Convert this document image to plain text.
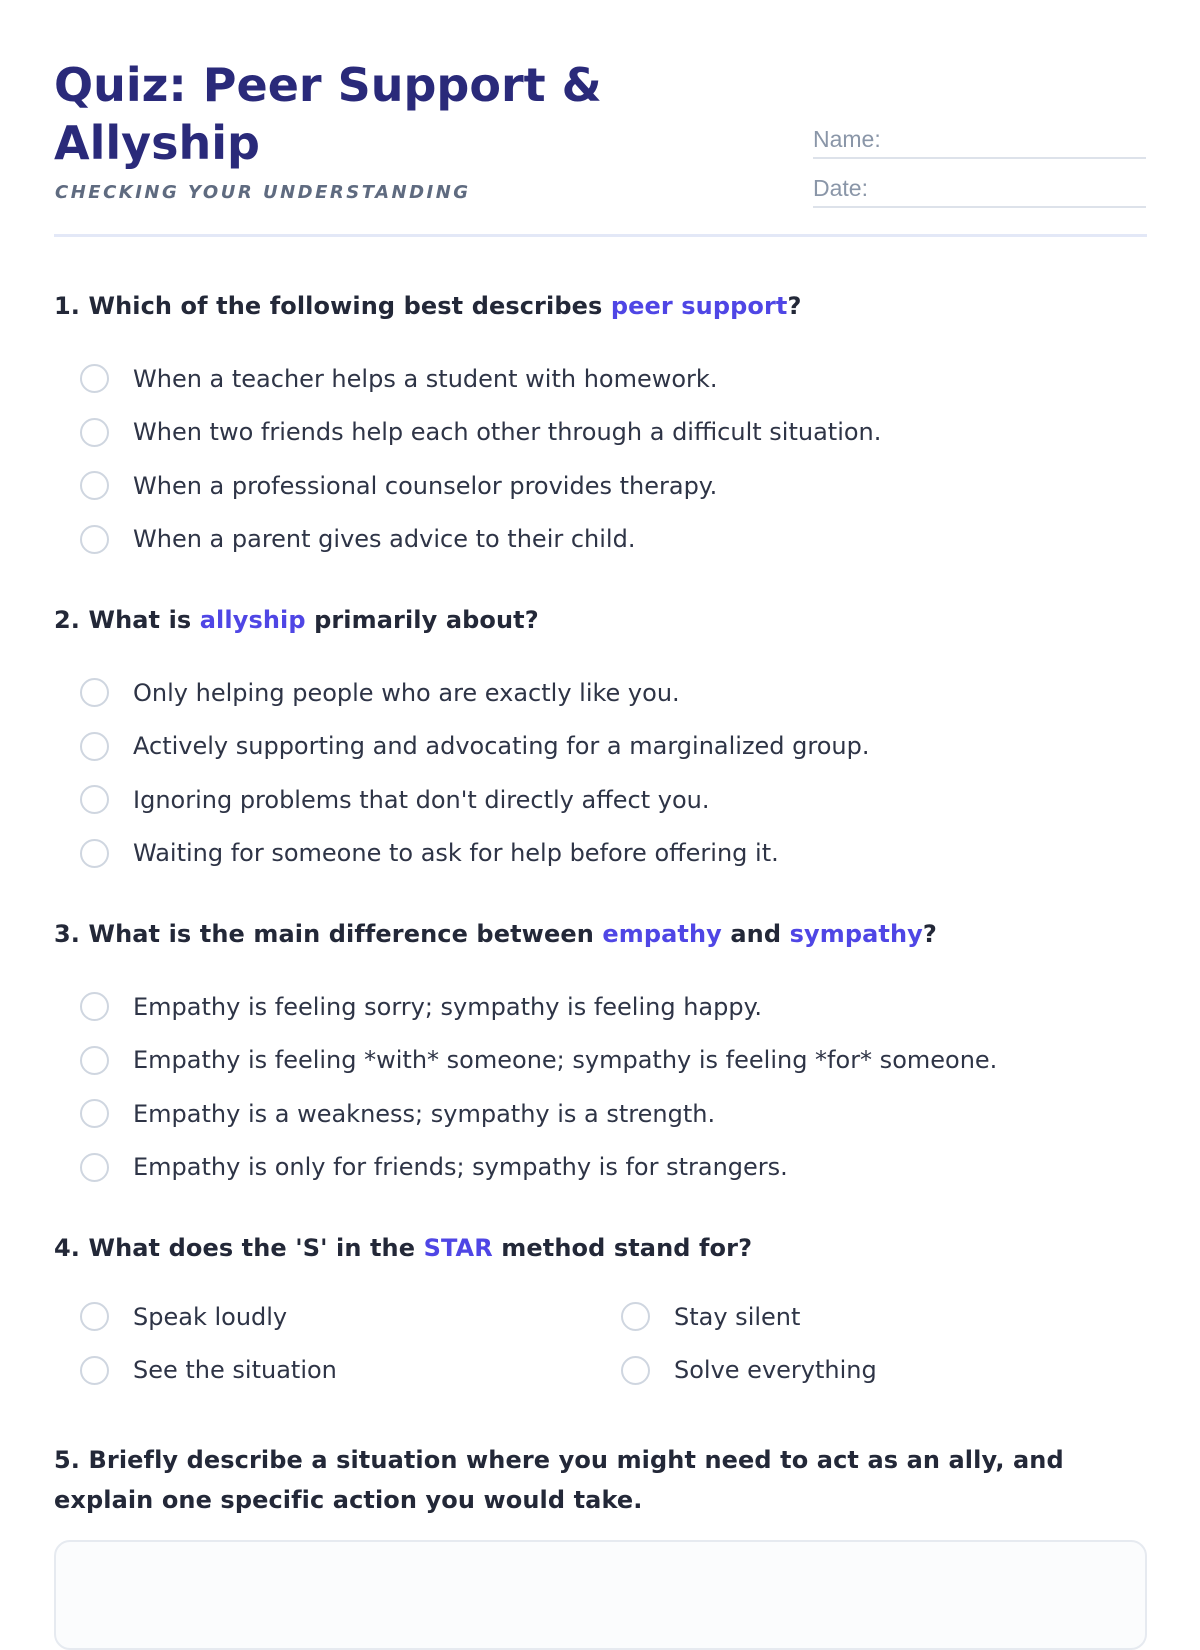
Quiz: Peer Support & Allyship
CHECKING YOUR UNDERSTANDING
Name:
Date:

1. Which of the following best describes peer support?

When a teacher helps a student with homework.
When two friends help each other through a difficult situation.
When a professional counselor provides therapy.
When a parent gives advice to their child.

2. What is allyship primarily about?

Only helping people who are exactly like you.
Actively supporting and advocating for a marginalized group.
Ignoring problems that don't directly affect you.
Waiting for someone to ask for help before offering it.

3. What is the main difference between empathy and sympathy?

Empathy is feeling sorry; sympathy is feeling happy.
Empathy is feeling *with* someone; sympathy is feeling *for* someone.
Empathy is a weakness; sympathy is a strength.
Empathy is only for friends; sympathy is for strangers.

4. What does the 'S' in the STAR method stand for?

Speak loudly	Stay silent
See the situation	Solve everything

5. Briefly describe a situation where you might need to act as an ally, and explain one specific action you would take.
